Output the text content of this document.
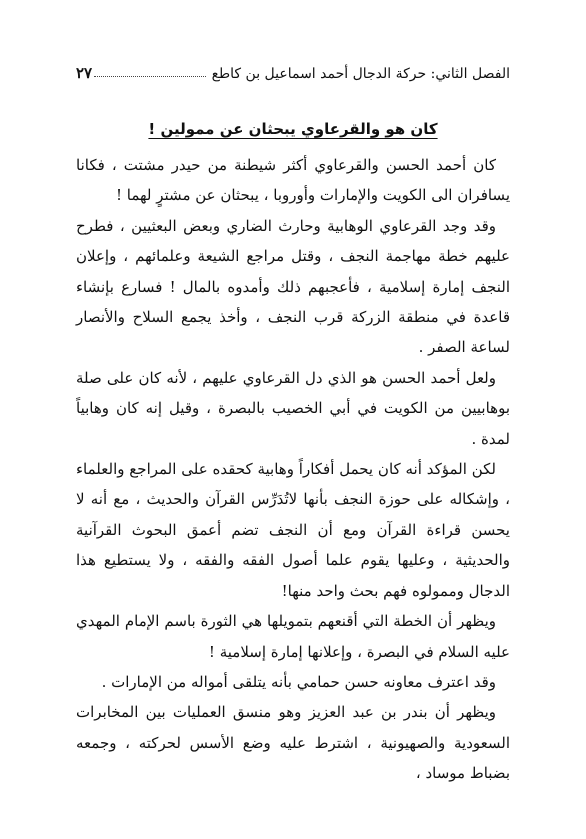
الفصل الثاني: حركة الدجال أحمد اسماعيل بن كاطع
٢٧
كان هو والقرعاوي يبحثان عن ممولين !

كان أحمد الحسن والقرعاوي أكثر شيطنة من حيدر مشتت ، فكانا يسافران الى الكويت والإمارات وأوروبا ، يبحثان عن مشترٍ لهما !

وقد وجد القرعاوي الوهابية وحارث الضاري وبعض البعثيين ، فطرح عليهم خطة مهاجمة النجف ، وقتل مراجع الشيعة وعلمائهم ، وإعلان النجف إمارة إسلامية ، فأعجبهم ذلك وأمدوه بالمال ! فسارع بإنشاء قاعدة في منطقة الزركة قرب النجف ، وأخذ يجمع السلاح والأنصار لساعة الصفر .

ولعل أحمد الحسن هو الذي دل القرعاوي عليهم ، لأنه كان على صلة بوهابيين من الكويت في أبي الخصيب بالبصرة ، وقيل إنه كان وهابياً لمدة .

لكن المؤكد أنه كان يحمل أفكاراً وهابية كحقده على المراجع والعلماء ، وإشكاله على حوزة النجف بأنها لاتُدَرِّس القرآن والحديث ، مع أنه لا يحسن قراءة القرآن ومع أن النجف تضم أعمق البحوث القرآنية والحديثية ، وعليها يقوم علما أصول الفقه والفقه ، ولا يستطيع هذا الدجال وممولوه فهم بحث واحد منها!

ويظهر أن الخطة التي أقنعهم بتمويلها هي الثورة باسم الإمام المهدي عليه السلام في البصرة ، وإعلانها إمارة إسلامية !

وقد اعترف معاونه حسن حمامي بأنه يتلقى أمواله من الإمارات .

ويظهر أن بندر بن عبد العزيز وهو منسق العمليات بين المخابرات السعودية والصهيونية ، اشترط عليه وضع الأسس لحركته ، وجمعه بضباط موساد ،
